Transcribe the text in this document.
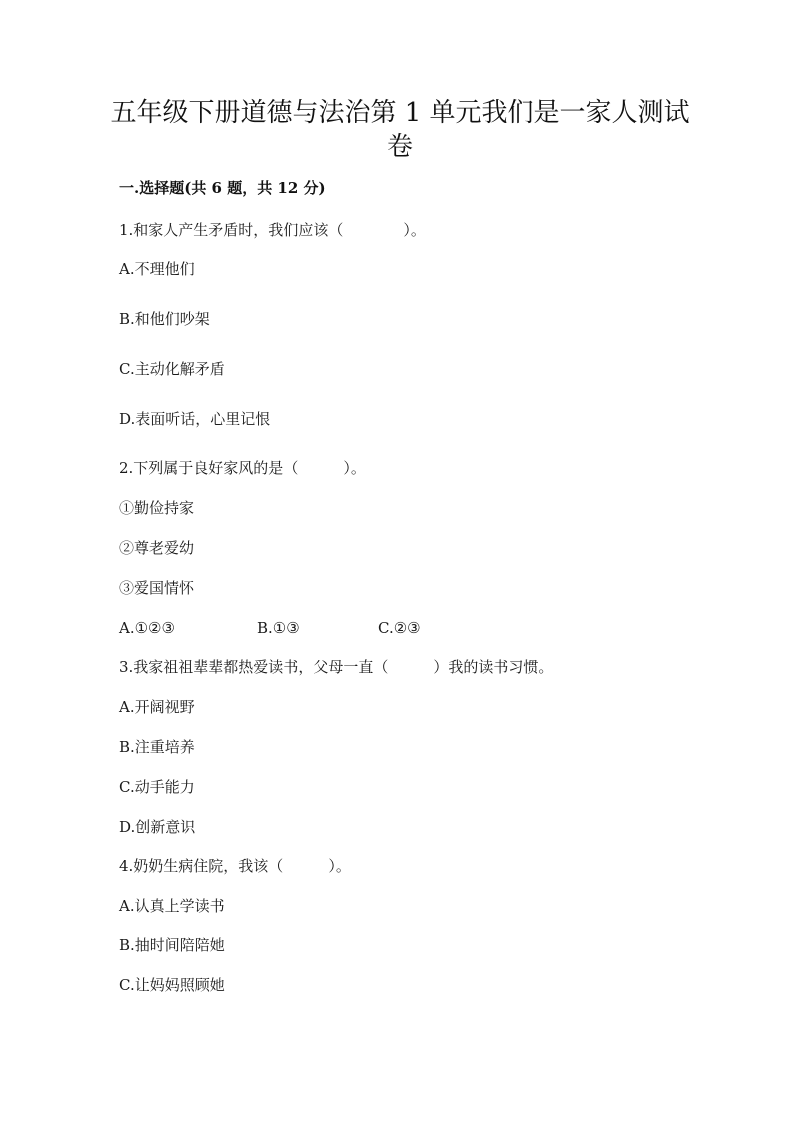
五年级下册道德与法治第 1 单元我们是一家人测试
卷
一.选择题(共 6 题，共 12 分)
1.和家人产生矛盾时，我们应该（　　　　）。
A.不理他们
B.和他们吵架
C.主动化解矛盾
D.表面听话，心里记恨
2.下列属于良好家风的是（　　　）。
①勤俭持家
②尊老爱幼
③爱国情怀
A.①②③	B.①③	C.②③
3.我家祖祖辈辈都热爱读书，父母一直（　　　）我的读书习惯。
A.开阔视野
B.注重培养
C.动手能力
D.创新意识
4.奶奶生病住院，我该（　　　）。
A.认真上学读书
B.抽时间陪陪她
C.让妈妈照顾她
